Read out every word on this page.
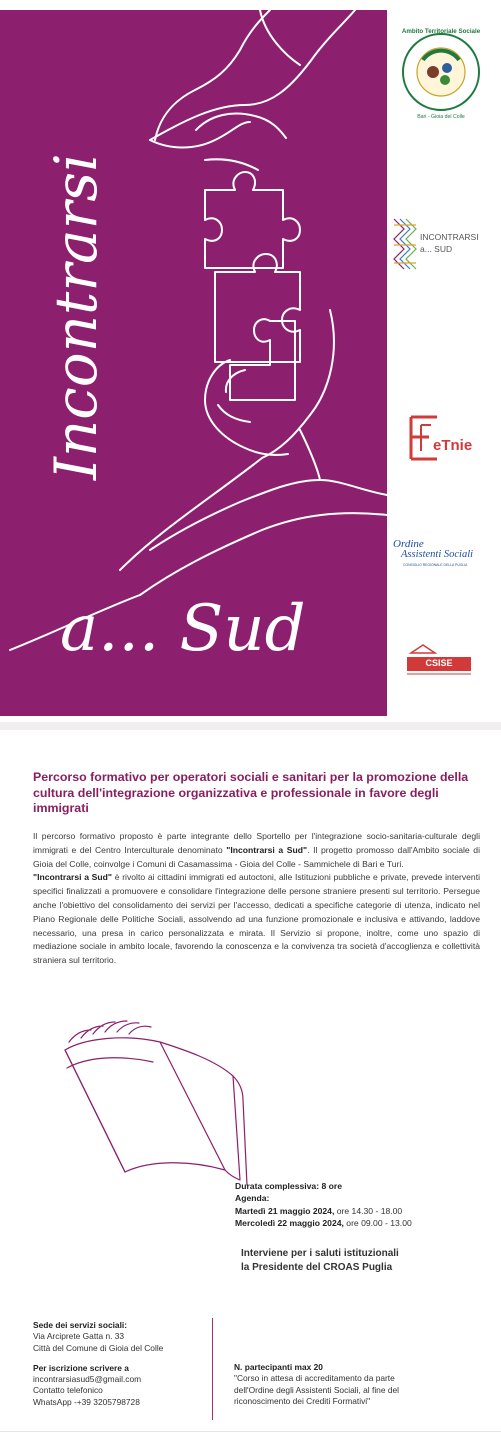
Incontrarsi
a... Sud
Ambito Territoriale Sociale
Bari - Gioia del Colle
INCONTRARSI
a... SUD
eTnie
Ordine
Assistenti Sociali
CONSIGLIO REGIONALE DELLA PUGLIA
CSISE
Percorso formativo per operatori sociali e sanitari per la promozione della cultura dell'integrazione organizzativa e professionale in favore degli immigrati

Il percorso formativo proposto è parte integrante dello Sportello per l'integrazione socio-sanitaria-culturale degli immigrati e del Centro Interculturale denominato "Incontrarsi a Sud". Il progetto promosso dall'Ambito sociale di Gioia del Colle, coinvolge i Comuni di Casamassima - Gioia del Colle - Sammichele di Bari e Turi.

"Incontrarsi a Sud" è rivolto ai cittadini immigrati ed autoctoni, alle Istituzioni pubbliche e private, prevede interventi specifici finalizzati a promuovere e consolidare l'integrazione delle persone straniere presenti sul territorio. Persegue anche l'obiettivo del consolidamento dei servizi per l'accesso, dedicati a specifiche categorie di utenza, indicato nel Piano Regionale delle Politiche Sociali, assolvendo ad una funzione promozionale e inclusiva e attivando, laddove necessario, una presa in carico personalizzata e mirata. Il Servizio si propone, inoltre, come uno spazio di mediazione sociale in ambito locale, favorendo la conoscenza e la convivenza tra società d'accoglienza e collettività straniera sul territorio.

Durata complessiva: 8 ore
Agenda:
Martedì 21 maggio 2024, ore 14.30 - 18.00
Mercoledì 22 maggio 2024, ore 09.00 - 13.00
Interviene per i saluti istituzionali
la Presidente del CROAS Puglia
Sede dei servizi sociali:
Via Arciprete Gatta n. 33
Città del Comune di Gioia del Colle
Per iscrizione scrivere a
incontrarsiasud5@gmail.com
Contatto telefonico
WhatsApp -+39 3205798728
N. partecipanti max 20
"Corso in attesa di accreditamento da parte dell'Ordine degli Assistenti Sociali, al fine del riconoscimento dei Crediti Formativi"
